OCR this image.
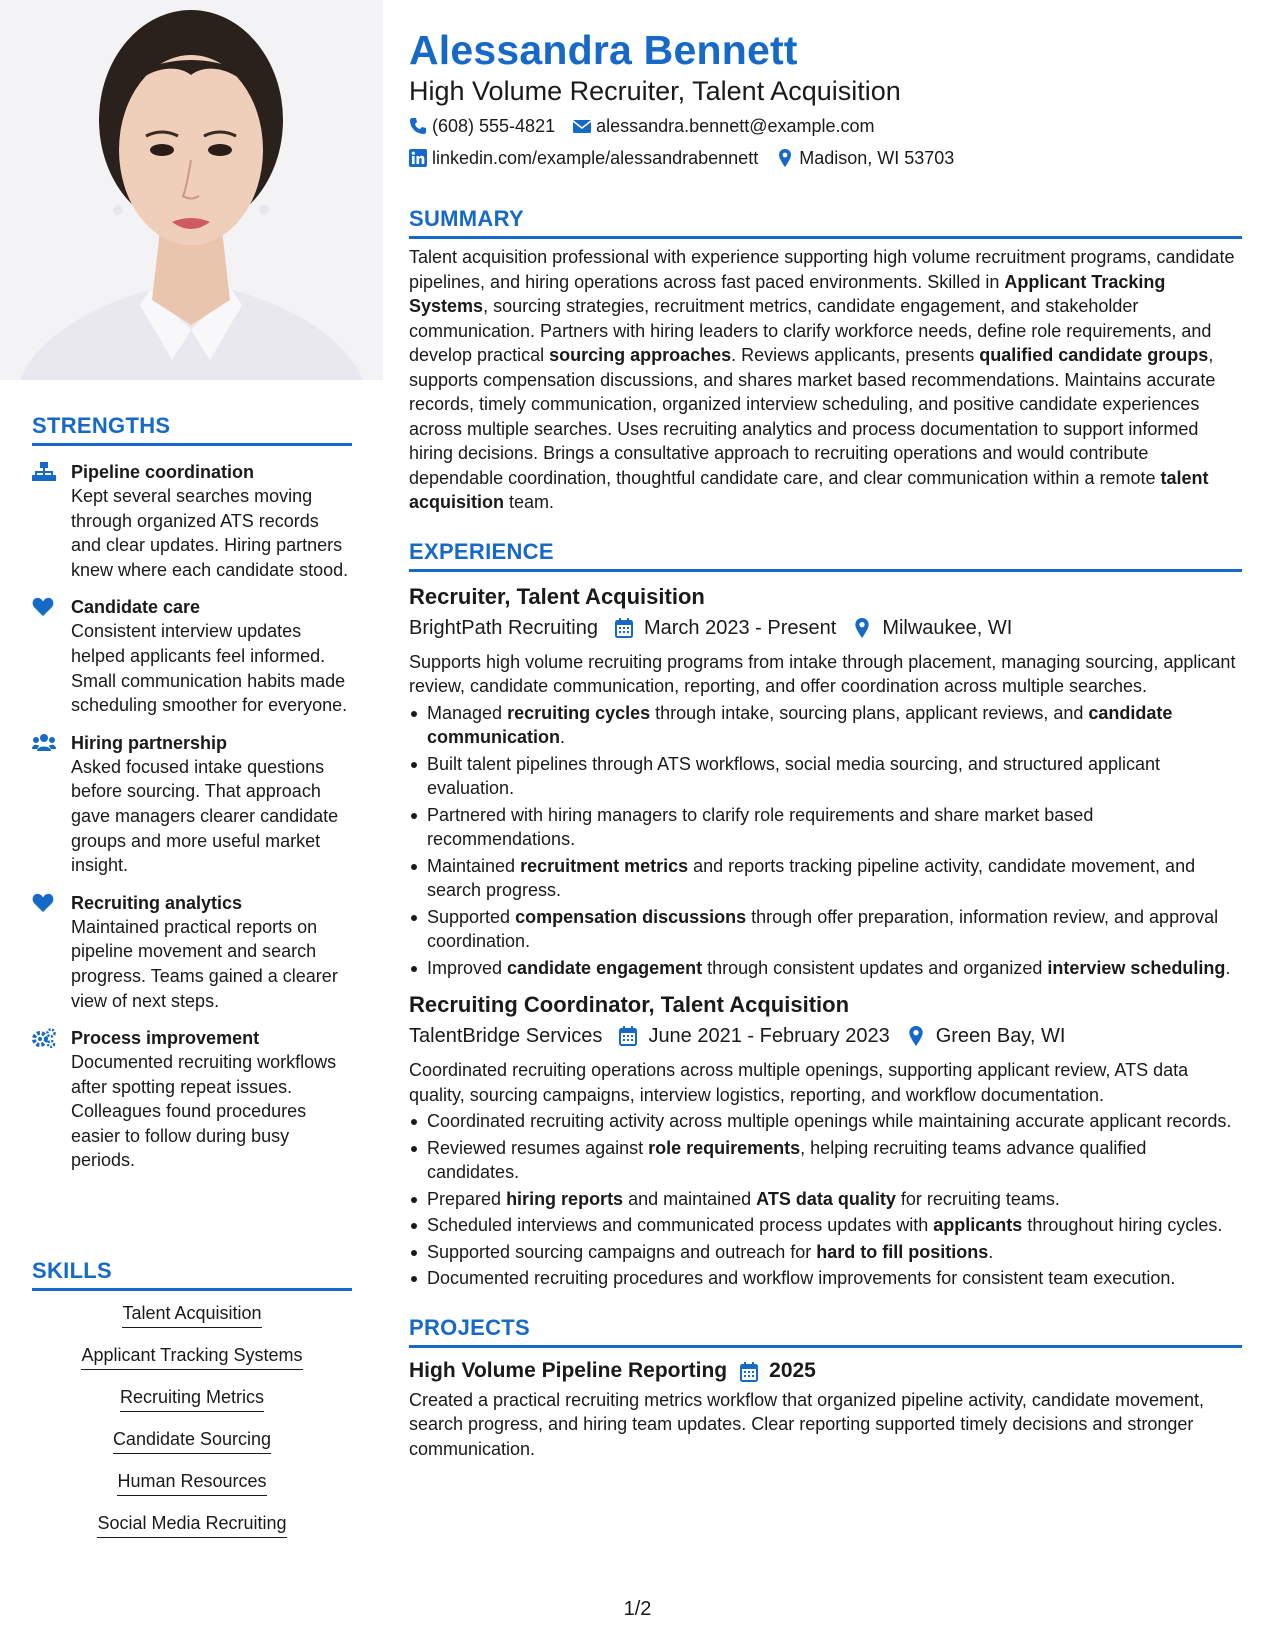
STRENGTHS
Pipeline coordination
Kept several searches moving through organized ATS records and clear updates. Hiring partners knew where each candidate stood.
Candidate care
Consistent interview updates helped applicants feel informed. Small communication habits made scheduling smoother for everyone.
Hiring partnership
Asked focused intake questions before sourcing. That approach gave managers clearer candidate groups and more useful market insight.
Recruiting analytics
Maintained practical reports on pipeline movement and search progress. Teams gained a clearer view of next steps.
Process improvement
Documented recruiting workflows after spotting repeat issues. Colleagues found procedures easier to follow during busy periods.
SKILLS
Talent Acquisition
Applicant Tracking Systems
Recruiting Metrics
Candidate Sourcing
Human Resources
Social Media Recruiting
Alessandra Bennett
High Volume Recruiter, Talent Acquisition
(608) 555-4821 alessandra.bennett@example.com
linkedin.com/example/alessandrabennett Madison, WI 53703
SUMMARY

Talent acquisition professional with experience supporting high volume recruitment programs, candidate pipelines, and hiring operations across fast paced environments. Skilled in Applicant Tracking Systems, sourcing strategies, recruitment metrics, candidate engagement, and stakeholder communication. Partners with hiring leaders to clarify workforce needs, define role requirements, and develop practical sourcing approaches. Reviews applicants, presents qualified candidate groups, supports compensation discussions, and shares market based recommendations. Maintains accurate records, timely communication, organized interview scheduling, and positive candidate experiences across multiple searches. Uses recruiting analytics and process documentation to support informed hiring decisions. Brings a consultative approach to recruiting operations and would contribute dependable coordination, thoughtful candidate care, and clear communication within a remote talent acquisition team.

EXPERIENCE
Recruiter, Talent Acquisition
BrightPath Recruiting March 2023 - Present Milwaukee, WI

Supports high volume recruiting programs from intake through placement, managing sourcing, applicant review, candidate communication, reporting, and offer coordination across multiple searches.

Managed recruiting cycles through intake, sourcing plans, applicant reviews, and candidate communication.
Built talent pipelines through ATS workflows, social media sourcing, and structured applicant evaluation.
Partnered with hiring managers to clarify role requirements and share market based recommendations.
Maintained recruitment metrics and reports tracking pipeline activity, candidate movement, and search progress.
Supported compensation discussions through offer preparation, information review, and approval coordination.
Improved candidate engagement through consistent updates and organized interview scheduling.
Recruiting Coordinator, Talent Acquisition
TalentBridge Services June 2021 - February 2023 Green Bay, WI

Coordinated recruiting operations across multiple openings, supporting applicant review, ATS data quality, sourcing campaigns, interview logistics, reporting, and workflow documentation.

Coordinated recruiting activity across multiple openings while maintaining accurate applicant records.
Reviewed resumes against role requirements, helping recruiting teams advance qualified candidates.
Prepared hiring reports and maintained ATS data quality for recruiting teams.
Scheduled interviews and communicated process updates with applicants throughout hiring cycles.
Supported sourcing campaigns and outreach for hard to fill positions.
Documented recruiting procedures and workflow improvements for consistent team execution.
PROJECTS
High Volume Pipeline Reporting 2025

Created a practical recruiting metrics workflow that organized pipeline activity, candidate movement, search progress, and hiring team updates. Clear reporting supported timely decisions and stronger communication.

1/2
